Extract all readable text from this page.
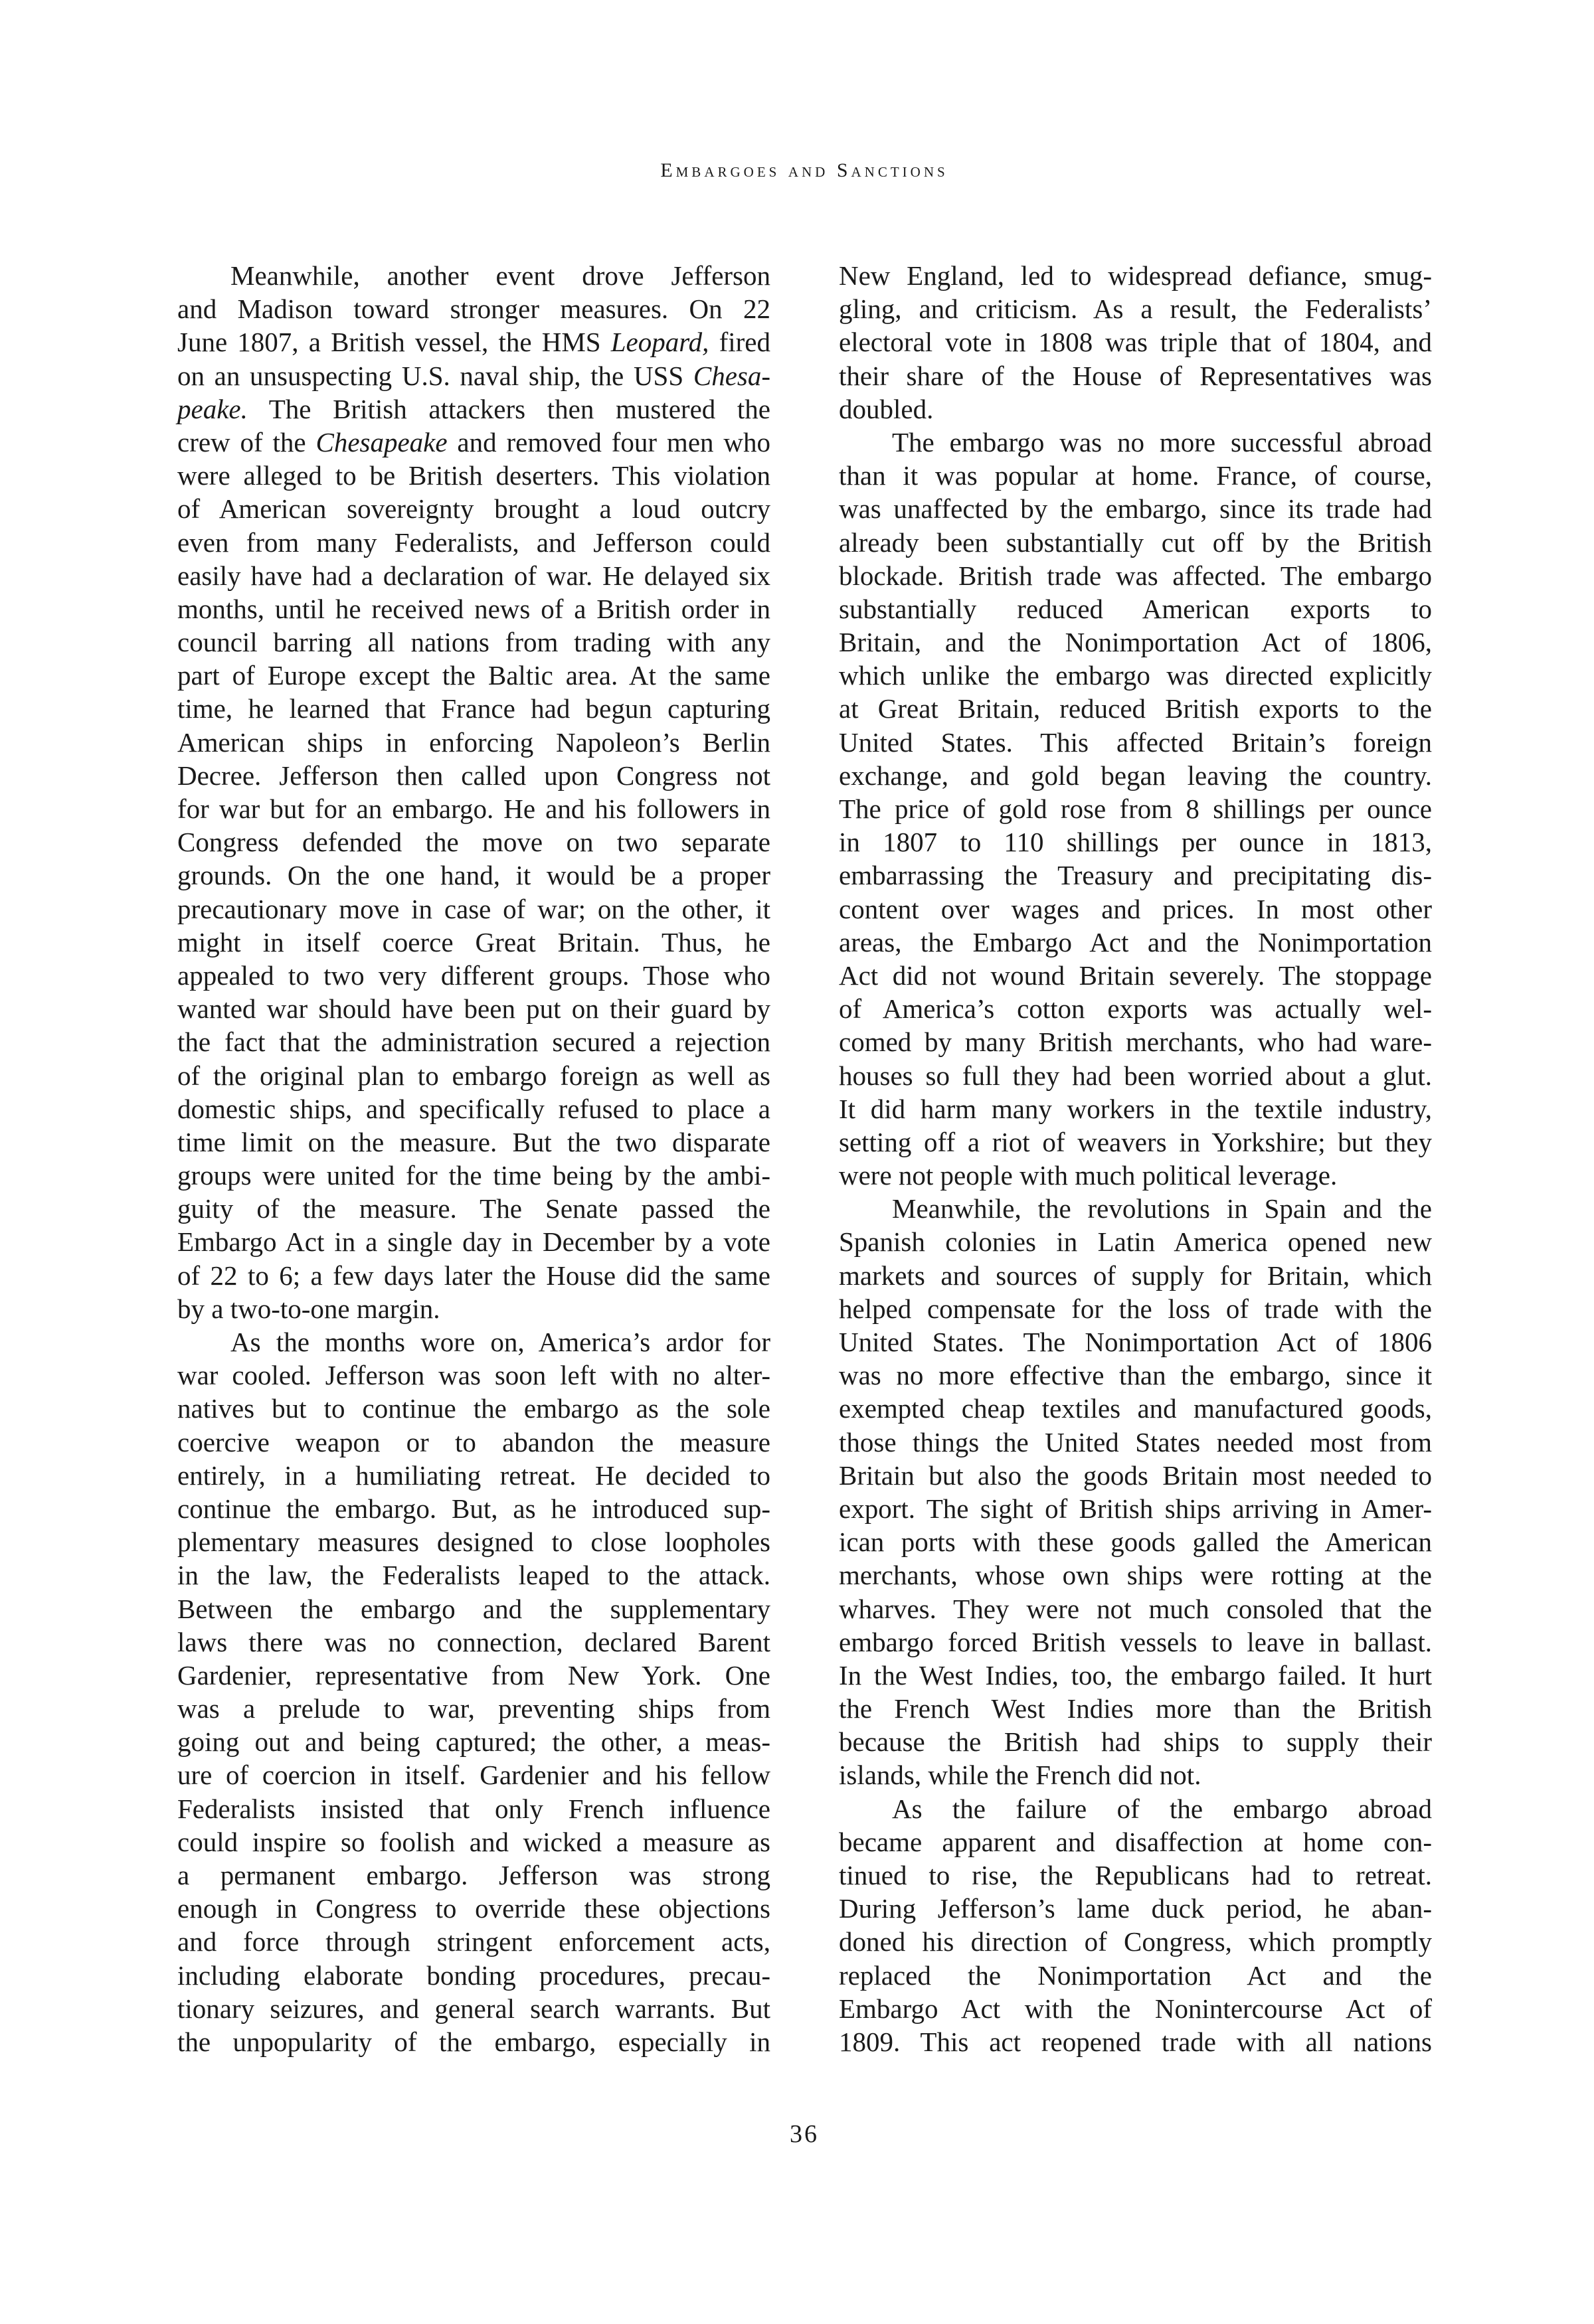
Embargoes and Sanctions
Meanwhile, another event drove Jefferson
and Madison toward stronger measures. On 22
June 1807, a British vessel, the HMS Leopard, fired
on an unsuspecting U.S. naval ship, the USS Chesa-
peake. The British attackers then mustered the
crew of the Chesapeake and removed four men who
were alleged to be British deserters. This violation
of American sovereignty brought a loud outcry
even from many Federalists, and Jefferson could
easily have had a declaration of war. He delayed six
months, until he received news of a British order in
council barring all nations from trading with any
part of Europe except the Baltic area. At the same
time, he learned that France had begun capturing
American ships in enforcing Napoleon’s Berlin
Decree. Jefferson then called upon Congress not
for war but for an embargo. He and his followers in
Congress defended the move on two separate
grounds. On the one hand, it would be a proper
precautionary move in case of war; on the other, it
might in itself coerce Great Britain. Thus, he
appealed to two very different groups. Those who
wanted war should have been put on their guard by
the fact that the administration secured a rejection
of the original plan to embargo foreign as well as
domestic ships, and specifically refused to place a
time limit on the measure. But the two disparate
groups were united for the time being by the ambi-
guity of the measure. The Senate passed the
Embargo Act in a single day in December by a vote
of 22 to 6; a few days later the House did the same
by a two-to-one margin.
As the months wore on, America’s ardor for
war cooled. Jefferson was soon left with no alter-
natives but to continue the embargo as the sole
coercive weapon or to abandon the measure
entirely, in a humiliating retreat. He decided to
continue the embargo. But, as he introduced sup-
plementary measures designed to close loopholes
in the law, the Federalists leaped to the attack.
Between the embargo and the supplementary
laws there was no connection, declared Barent
Gardenier, representative from New York. One
was a prelude to war, preventing ships from
going out and being captured; the other, a meas-
ure of coercion in itself. Gardenier and his fellow
Federalists insisted that only French influence
could inspire so foolish and wicked a measure as
a permanent embargo. Jefferson was strong
enough in Congress to override these objections
and force through stringent enforcement acts,
including elaborate bonding procedures, precau-
tionary seizures, and general search warrants. But
the unpopularity of the embargo, especially in
New England, led to widespread defiance, smug-
gling, and criticism. As a result, the Federalists’
electoral vote in 1808 was triple that of 1804, and
their share of the House of Representatives was
doubled.
The embargo was no more successful abroad
than it was popular at home. France, of course,
was unaffected by the embargo, since its trade had
already been substantially cut off by the British
blockade. British trade was affected. The embargo
substantially reduced American exports to
Britain, and the Nonimportation Act of 1806,
which unlike the embargo was directed explicitly
at Great Britain, reduced British exports to the
United States. This affected Britain’s foreign
exchange, and gold began leaving the country.
The price of gold rose from 8 shillings per ounce
in 1807 to 110 shillings per ounce in 1813,
embarrassing the Treasury and precipitating dis-
content over wages and prices. In most other
areas, the Embargo Act and the Nonimportation
Act did not wound Britain severely. The stoppage
of America’s cotton exports was actually wel-
comed by many British merchants, who had ware-
houses so full they had been worried about a glut.
It did harm many workers in the textile industry,
setting off a riot of weavers in Yorkshire; but they
were not people with much political leverage.
Meanwhile, the revolutions in Spain and the
Spanish colonies in Latin America opened new
markets and sources of supply for Britain, which
helped compensate for the loss of trade with the
United States. The Nonimportation Act of 1806
was no more effective than the embargo, since it
exempted cheap textiles and manufactured goods,
those things the United States needed most from
Britain but also the goods Britain most needed to
export. The sight of British ships arriving in Amer-
ican ports with these goods galled the American
merchants, whose own ships were rotting at the
wharves. They were not much consoled that the
embargo forced British vessels to leave in ballast.
In the West Indies, too, the embargo failed. It hurt
the French West Indies more than the British
because the British had ships to supply their
islands, while the French did not.
As the failure of the embargo abroad
became apparent and disaffection at home con-
tinued to rise, the Republicans had to retreat.
During Jefferson’s lame duck period, he aban-
doned his direction of Congress, which promptly
replaced the Nonimportation Act and the
Embargo Act with the Nonintercourse Act of
1809. This act reopened trade with all nations
36
